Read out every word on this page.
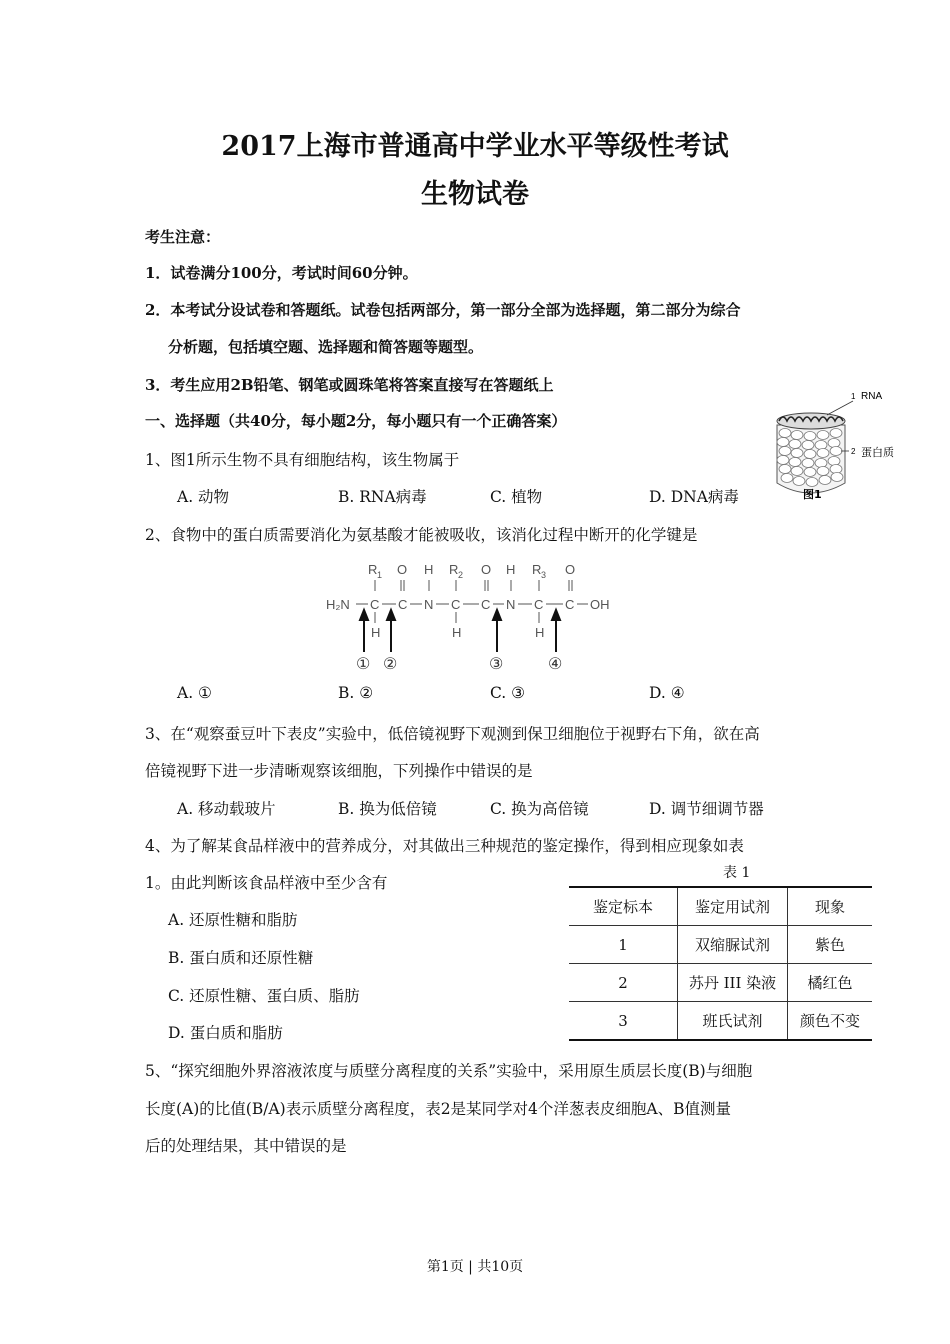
2017上海市普通高中学业水平等级性考试
生物试卷
考生注意：
1．试卷满分100分，考试时间60分钟。
2．本考试分设试卷和答题纸。试卷包括两部分，第一部分全部为选择题，第二部分为综合
分析题，包括填空题、选择题和简答题等题型。
3．考生应用2B铅笔、钢笔或圆珠笔将答案直接写在答题纸上
一、选择题（共40分，每小题2分，每小题只有一个正确答案）
1、图1所示生物不具有细胞结构，该生物属于
A. 动物	B. RNA病毒	C. 植物	D. DNA病毒
1
2
RNA
蛋白质
图1
2、食物中的蛋白质需要消化为氨基酸才能被吸收，该消化过程中断开的化学键是
R 1 O H R 2 O H R 3 O
H₂N C C N C C N C C OH
H	H	H
① ②	③	④
A. ①	B. ②	C. ③	D. ④
3、在“观察蚕豆叶下表皮”实验中，低倍镜视野下观测到保卫细胞位于视野右下角，欲在高
倍镜视野下进一步清晰观察该细胞，下列操作中错误的是
A. 移动载玻片	B. 换为低倍镜	C. 换为高倍镜	D. 调节细调节器
4、为了解某食品样液中的营养成分，对其做出三种规范的鉴定操作，得到相应现象如表
1。由此判断该食品样液中至少含有
A. 还原性糖和脂肪
B. 蛋白质和还原性糖
C. 还原性糖、蛋白质、脂肪
D. 蛋白质和脂肪
表 1
鉴定标本	鉴定用试剂	现象
1	双缩脲试剂	紫色
2	苏丹 III 染液	橘红色
3	班氏试剂	颜色不变
5、“探究细胞外界溶液浓度与质壁分离程度的关系”实验中，采用原生质层长度(B)与细胞
长度(A)的比值(B/A)表示质壁分离程度，表2是某同学对4个洋葱表皮细胞A、B值测量
后的处理结果，其中错误的是
第1页 | 共10页
